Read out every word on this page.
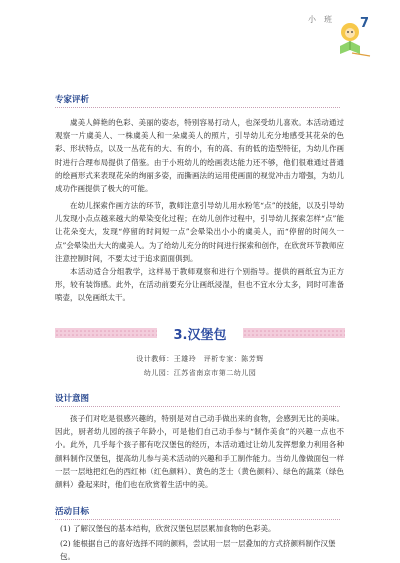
小班 7
专家评析

虞美人鲜艳的色彩、美丽的姿态，特别容易打动人，也深受幼儿喜欢。本活动通过观察一片虞美人、一株虞美人和一朵虞美人的照片，引导幼儿充分地感受其花朵的色彩、形状特点，以及一丛花有的大、有的小，有的高、有的低的造型特征，为幼儿作画时进行合理布局提供了借鉴。由于小班幼儿的绘画表达能力还不够，他们很难通过普通的绘画形式来表现花朵的绚丽多姿，而撕画法的运用使画面的视觉冲击力增强，为幼儿成功作画提供了极大的可能。

在幼儿探索作画方法的环节，教师注意引导幼儿用水粉笔“点”的技能，以及引导幼儿发现小点点越来越大的晕染变化过程；在幼儿创作过程中，引导幼儿探索怎样“点”能让花朵变大，发现“停留的时间短一点”会晕染出小小的虞美人，而“停留的时间久一点”会晕染出大大的虞美人。为了给幼儿充分的时间进行探索和创作，在欣赏环节教师应注意控制时间，不要太过于追求面面俱到。

本活动适合分组教学，这样易于教师观察和进行个别指导。提供的画纸宜为正方形，较有装饰感。此外，在活动前要充分让画纸浸湿，但也不宜水分太多，同时可准备喷壶，以免画纸太干。

3.汉堡包
设计教师：王雄玲　评析专家：陈芳辉
幼儿园：江苏省南京市第二幼儿园
设计意图

孩子们对吃是很感兴趣的，特别是对自己动手做出来的食物，会感到无比的美味。因此，厨者幼儿园的孩子年龄小，可是他们自己动手参与“制作美食”的兴趣一点也不小。此外，几乎每个孩子都有吃汉堡包的经历，本活动通过让幼儿发挥想象力利用各种颜料制作汉堡包，提高幼儿参与美术活动的兴趣和手工制作能力。当幼儿像做面包一样一层一层地把红色的西红柿（红色颜料）、黄色的芝士（黄色颜料）、绿色的蔬菜（绿色颜料）叠起来时，他们也在欣赏着生活中的美。

活动目标
(1) 了解汉堡包的基本结构，欣赏汉堡包层层累加食物的色彩美。
(2) 能根据自己的喜好选择不同的颜料，尝试用一层一层叠加的方式挤颜料制作汉堡包。
